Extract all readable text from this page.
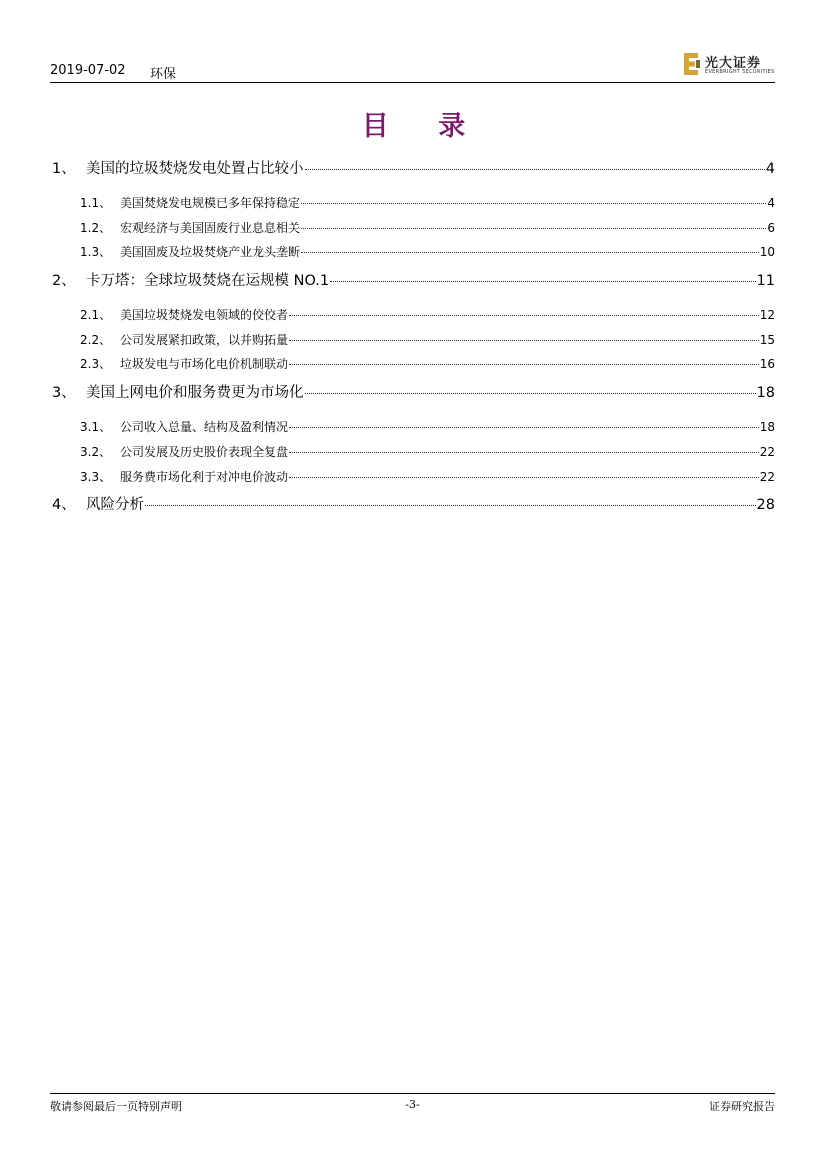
2019-07-02 环保
光大证券
EVERBRIGHT SECURITIES
目 录
1、 美国的垃圾焚烧发电处置占比较小	4
1.1、 美国焚烧发电规模已多年保持稳定	4
1.2、 宏观经济与美国固废行业息息相关	6
1.3、 美国固废及垃圾焚烧产业龙头垄断	10
2、 卡万塔：全球垃圾焚烧在运规模 NO.1	11
2.1、 美国垃圾焚烧发电领域的佼佼者	12
2.2、 公司发展紧扣政策，以并购拓量	15
2.3、 垃圾发电与市场化电价机制联动	16
3、 美国上网电价和服务费更为市场化	18
3.1、 公司收入总量、结构及盈利情况	18
3.2、 公司发展及历史股价表现全复盘	22
3.3、 服务费市场化利于对冲电价波动	22
4、 风险分析	28
敬请参阅最后一页特别声明	-3-	证券研究报告
